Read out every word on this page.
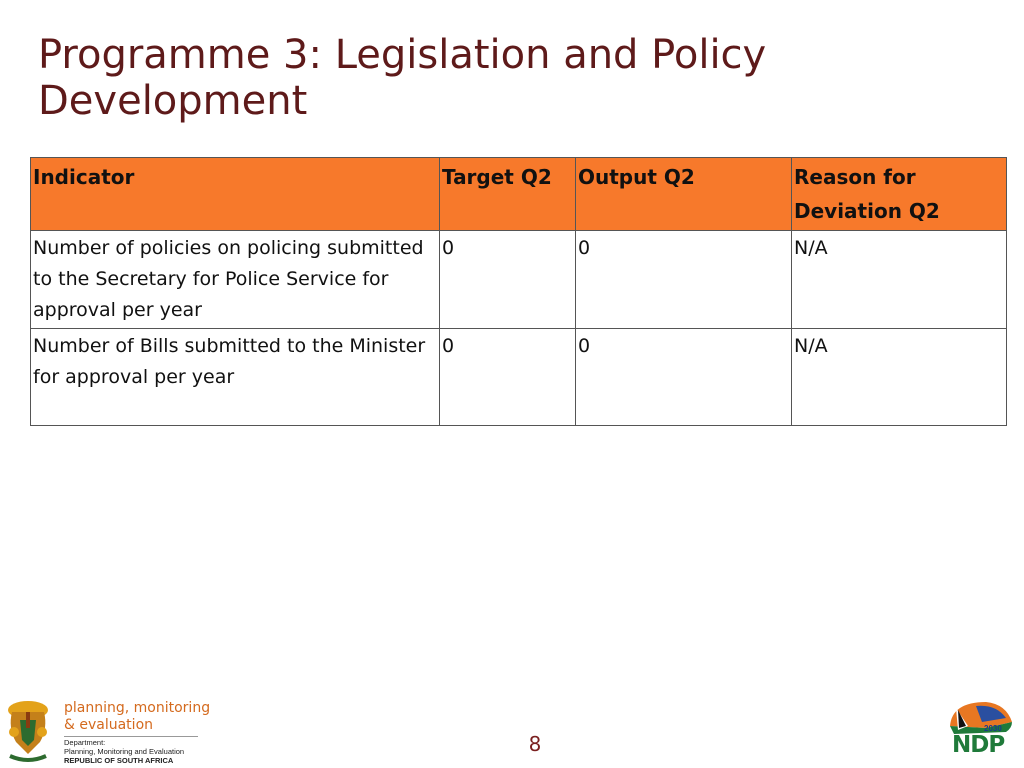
Programme 3: Legislation and Policy Development
Indicator	Target Q2	Output Q2	Reason for Deviation Q2
Number of policies on policing submitted to the Secretary for Police Service for approval per year	0	0	N/A
Number of Bills submitted to the Minister for approval per year	0	0	N/A
8
planning, monitoring
& evaluation
Department:
Planning, Monitoring and Evaluation
REPUBLIC OF SOUTH AFRICA
2030
NDP
